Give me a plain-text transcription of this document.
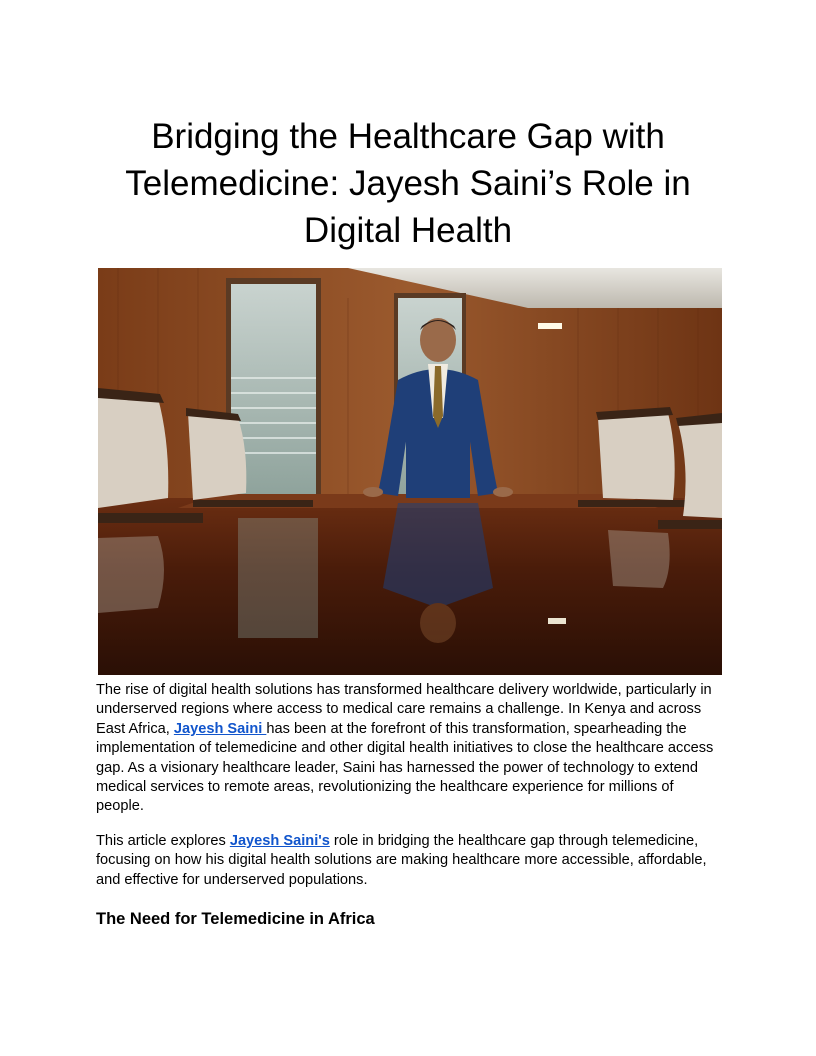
Bridging the Healthcare Gap with Telemedicine: Jayesh Saini’s Role in Digital Health

The rise of digital health solutions has transformed healthcare delivery worldwide, particularly in underserved regions where access to medical care remains a challenge. In Kenya and across East Africa, Jayesh Saini has been at the forefront of this transformation, spearheading the implementation of telemedicine and other digital health initiatives to close the healthcare access gap. As a visionary healthcare leader, Saini has harnessed the power of technology to extend medical services to remote areas, revolutionizing the healthcare experience for millions of people.

This article explores Jayesh Saini's role in bridging the healthcare gap through telemedicine, focusing on how his digital health solutions are making healthcare more accessible, affordable, and effective for underserved populations.

The Need for Telemedicine in Africa
